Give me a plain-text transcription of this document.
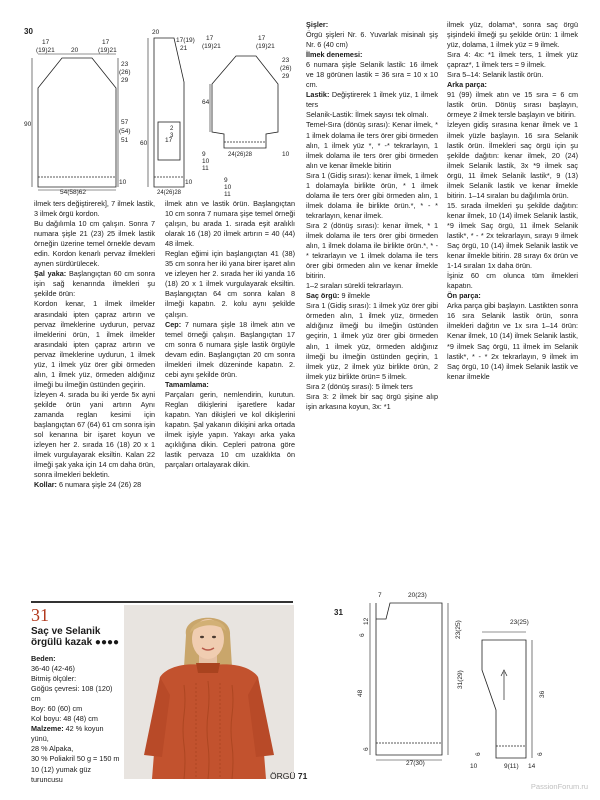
30
17
(19)21 20
17
(19)21
23
(26)
29
90	57
(54)
51
10
54(58)62
20
17(19)
21
60	17
2
3
10
24(26)28
17
(19)21
17
(19)21
23
(26)
29
64
9
10
11
24(26)28	10
9
10
11

ilmek ters değiştirerek], 7 ilmek lastik, 3 ilmek örgü kordon.

Bu dağılımla 10 cm çalışın. Sonra 7 numara şişle 21 (23) 25 ilmek lastik örneğin üzerine temel örnekle devam edin. Kordon kenarlı pervaz ilmekleri aynen sürdürülecek.

Şal yaka: Başlangıçtan 60 cm sonra işin sağ kenarında ilmekleri şu şekilde örün:

Kordon kenar, 1 ilmek ilmekler arasındaki ipten çapraz artırın ve pervaz ilmeklerine uydurun, pervaz ilmeklerini örün, 1 ilmek ilmekler arasındaki ipten çapraz artırın ve pervaz ilmeklerine uydurun, 1 ilmek yüz, 1 ilmek yüz örer gibi örmeden alın, 1 ilmek yüz, örmeden aldığınız ilmeği bu ilmeğin üstünden geçirin.

İzleyen 4. sırada bu iki yerde 5x ayni şekilde örün yani artırın Aynı zamanda reglan kesimi için başlangıçtan 67 (64) 61 cm sonra işin sol kenarına bir işaret koyun ve izleyen her 2. sırada 16 (18) 20 x 1 ilmek vurgulayarak eksiltin. Kalan 22 ilmeği şak yaka için 14 cm daha örün, sonra ilmekleri bekletin.

Kollar: 6 numara şişle 24 (26) 28

ilmek atın ve lastik örün. Başlangıçtan 10 cm sonra 7 numara şişe temel örneği çalışın, bu arada 1. sırada eşit aralıklı olarak 16 (18) 20 ilmek artırın = 40 (44) 48 ilmek.

Reglan eğimi için başlangıçtan 41 (38) 35 cm sonra her iki yana birer işaret alın ve izleyen her 2. sırada her iki yanda 16 (18) 20 x 1 ilmek vurgulayarak eksiltin. Başlangıçtan 64 cm sonra kalan 8 ilmeği kapatın. 2. kolu aynı şekilde çalışın.

Cep: 7 numara şişle 18 ilmek atın ve temel örneği çalışın. Başlangıçtan 17 cm sonra 6 numara şişle lastik örgüyle devam edin. Başlangıçtan 20 cm sonra ilmekleri ilmek düzeninde kapatın. 2. cebi aynı şekilde örün.

Tamamlama:

Parçaları gerin, nemlendirin, kurutun. Reglan dikişlerini işaretlere kadar kapatın. Yan dikişleri ve kol dikişlerini kapatın. Şal yakanın dikişini arka ortada ilmek işiyle yapın. Yakayı arka yaka açıklığına dikin. Cepleri patrona göre lastik pervaza 10 cm uzaklıkta ön parçaları ortalayarak dikin.

Şişler:

Örgü şişleri Nr. 6. Yuvarlak misinalı şiş Nr. 6 (40 cm)

İlmek denemesi:

6 numara şişle Selanik lastik: 16 ilmek ve 18 görünen lastik = 36 sıra = 10 x 10 cm.

Lastik: Değiştirerek 1 ilmek yüz, 1 ilmek ters

Selanik-Lastik: İlmek sayısı tek olmalı.

Temel-Sıra (dönüş sırası): Kenar ilmek, * 1 ilmek dolama ile ters örer gibi örmeden alın, 1 ilmek yüz *, * -* tekrarlayın, 1 ilmek dolama ile ters örer gibi örmeden alın ve kenar ilmekle bitirin

Sıra 1 (Gidiş sırası): kenar ilmek, 1 ilmek 1 dolamayla birlikte örün, * 1 ilmek dolama ile ters örer gibi örmeden alın, 1 ilmek dolama ile birlikte örün.*, * - * tekrarlayın, kenar ilmek.

Sıra 2 (dönüş sırası): kenar ilmek, * 1 ilmek dolama ile ters örer gibi örmeden alın, 1 ilmek dolama ile birlikte örün.*, * - * tekrarlayın ve 1 ilmek dolama ile ters örer gibi örmeden alın ve kenar ilmekle bitirin.

1–2 sıraları sürekli tekrarlayın.

Saç örgü: 9 ilmekle

Sıra 1 (Gidiş sırası): 1 ilmek yüz örer gibi örmeden alın, 1 ilmek yüz, örmeden aldığınız ilmeği bu ilmeğin üstünden geçirin, 1 ilmek yüz örer gibi örmeden alın, 1 ilmek yüz, örmeden aldığınız ilmeği bu ilmeğin üstünden geçirin, 1 ilmek yüz, 2 ilmek yüz birlikte örün, 2 ilmek yüz birlikte örün= 5 ilmek.

Sıra 2 (dönüş sırası): 5 ilmek ters

Sıra 3: 2 ilmek bir saç örgü şişine alıp işin arkasına koyun, 3x: *1

ilmek yüz, dolama*, sonra saç örgü şişindeki ilmeği şu şekilde örün: 1 ilmek yüz, dolama, 1 ilmek yüz = 9 ilmek.

Sıra 4: 4x: *1 ilmek ters, 1 ilmek yüz çapraz*, 1 ilmek ters = 9 ilmek.

Sıra 5–14: Selanik lastik örün.

Arka parça:

91 (99) ilmek atın ve 15 sıra = 6 cm lastik örün. Dönüş sırası başlayın, örmeye 2 ilmek tersle başlayın ve bitirin.

İzleyen gidiş sırasına kenar ilmek ve 1 ilmek yüzle başlayın. 16 sıra Selanik lastik örün. İlmekleri saç örgü için şu şekilde dağıtın: kenar ilmek, 20 (24) ilmek Selanik lastik, 3x *9 ilmek saç örgü, 11 ilmek Selanik lastik*, 9 (13) ilmek Selanik lastik ve kenar ilmekle bitirin. 1–14 sıraları bu dağılımla örün.

15. sırada ilmekleri şu şekilde dağıtın: kenar ilmek, 10 (14) ilmek Selanik lastik, *9 ilmek Saç örgü, 11 ilmek Selanik lastik*, * - * 2x tekrarlayın, sırayı 9 ilmek Saç örgü, 10 (14) ilmek Selanik lastik ve kenar ilmekle bitirin. 28 sırayı 6x örün ve 1-14 sıraları 1x daha örün.

İşiniz 60 cm olunca tüm ilmekleri kapatın.

Ön parça:

Arka parça gibi başlayın. Lastikten sonra 16 sıra Selanik lastik örün, sonra ilmekleri dağıtın ve 1x sıra 1–14 örün: Kenar ilmek, 10 (14) ilmek Selanik lastik, *9 ilmek Saç örgü, 11 ilmek im Selanik lastik*, * - * 2x tekrarlayın, 9 ilmek im Saç örgü, 10 (14) ilmek Selanik lastik ve kenar ilmekle

31
Saç ve Selanik örgülü kazak ●●●●
Beden:
36-40 (42-46)
Bitmiş ölçüler:
Göğüs çevresi: 108 (120) cm
Boy: 60 (60) cm
Kol boyu: 48 (48) cm
Malzeme: 42 % koyun yünü,
28 % Alpaka,
30 % Poliakril 50 g = 150 m
10 (12) yumak güz turuncusu
31
7	20(23)
12
6	23(25)
31(29)
48
6
27(30)
23(25)
36
10	9(11) 14
6
6
ÖRGÜ 71
PassionForum.ru
